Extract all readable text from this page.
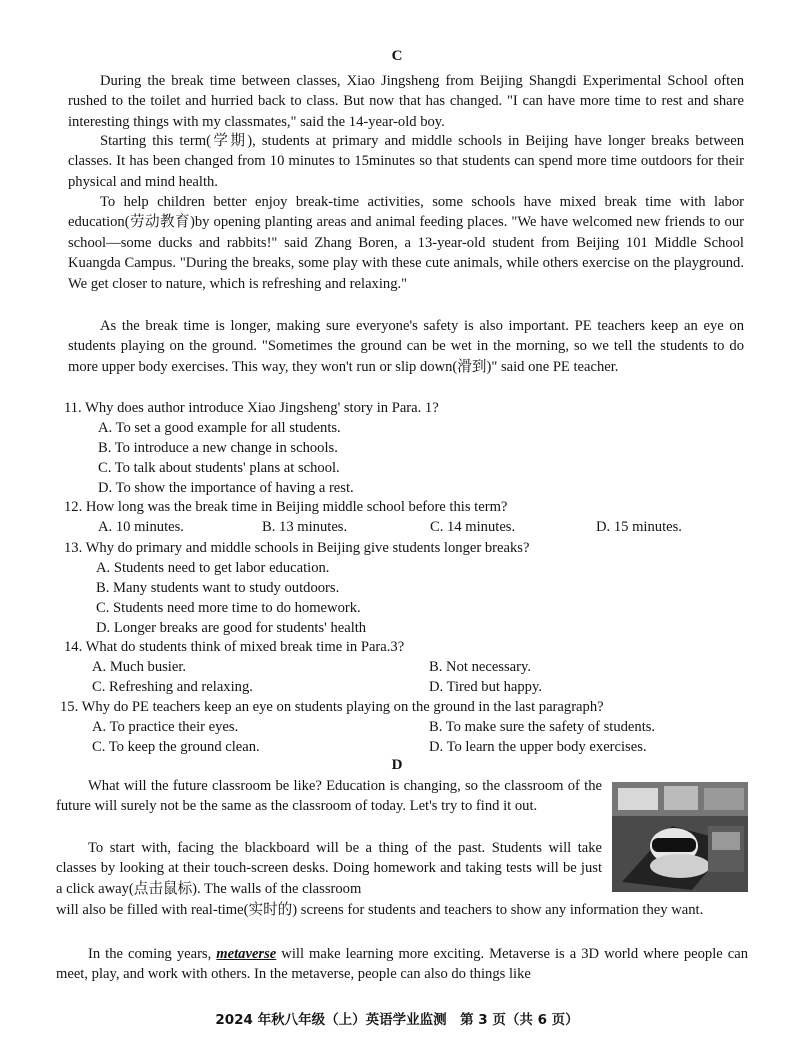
C

During the break time between classes, Xiao Jingsheng from Beijing Shangdi Experimental School often rushed to the toilet and hurried back to class. But now that has changed. "I can have more time to rest and share interesting things with my classmates," said the 14-year-old boy.

Starting this term(学期), students at primary and middle schools in Beijing have longer breaks between classes. It has been changed from 10 minutes to 15minutes so that students can spend more time outdoors for their physical and mind health.

To help children better enjoy break-time activities, some schools have mixed break time with labor education(劳动教育)by opening planting areas and animal feeding places. "We have welcomed new friends to our school—some ducks and rabbits!" said Zhang Boren, a 13-year-old student from Beijing 101 Middle School Kuangda Campus. "During the breaks, some play with these cute animals, while others exercise on the playground. We get closer to nature, which is refreshing and relaxing."

As the break time is longer, making sure everyone's safety is also important. PE teachers keep an eye on students playing on the ground. "Sometimes the ground can be wet in the morning, so we tell the students to do more upper body exercises. This way, they won't run or slip down(滑到)" said one PE teacher.

11. Why does author introduce Xiao Jingsheng' story in Para. 1?
A. To set a good example for all students.
B. To introduce a new change in schools.
C. To talk about students' plans at school.
D. To show the importance of having a rest.
12. How long was the break time in Beijing middle school before this term?
A. 10 minutes.	B. 13 minutes.	C. 14 minutes.	D. 15 minutes.
13. Why do primary and middle schools in Beijing give students longer breaks?
A. Students need to get labor education.
B. Many students want to study outdoors.
C. Students need more time to do homework.
D. Longer breaks are good for students' health
14. What do students think of mixed break time in Para.3?
A. Much busier.	B. Not necessary.
C. Refreshing and relaxing.	D. Tired but happy.
15. Why do PE teachers keep an eye on students playing on the ground in the last paragraph?
A. To practice their eyes.	B. To make sure the safety of students.
C. To keep the ground clean.	D. To learn the upper body exercises.
D

What will the future classroom be like? Education is changing, so the classroom of the future will surely not be the same as the classroom of today. Let's try to find it out.

To start with, facing the blackboard will be a thing of the past. Students will take classes by looking at their touch-screen desks. Doing homework and taking tests will be just a click away(点击鼠标). The walls of the classroom

will also be filled with real-time(实时的) screens for students and teachers to show any information they want.

In the coming years, metaverse will make learning more exciting. Metaverse is a 3D world where people can meet, play, and work with others. In the metaverse, people can also do things like

2024 年秋八年级（上）英语学业监测　第 3 页（共 6 页）
